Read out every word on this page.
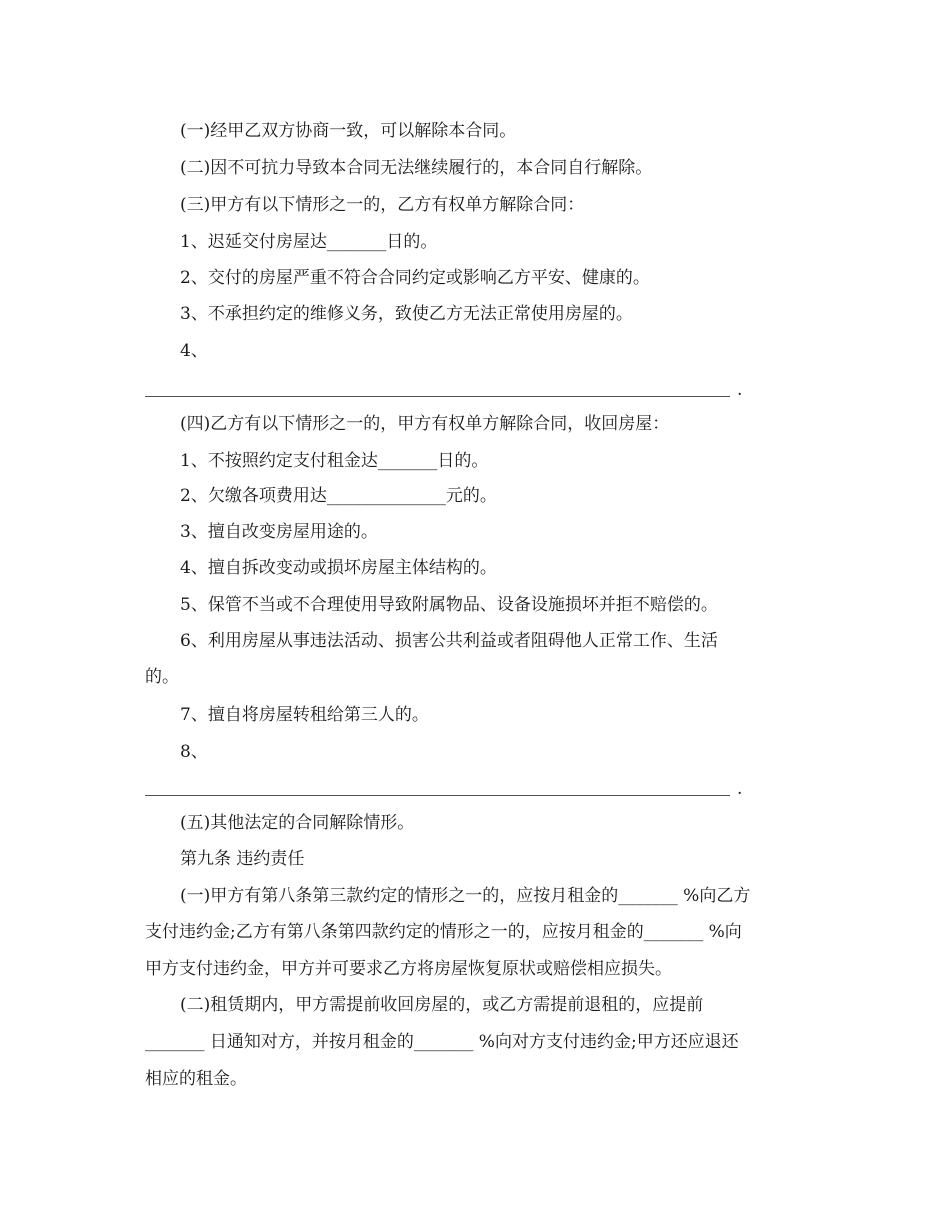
(一)经甲乙双方协商一致，可以解除本合同。
(二)因不可抗力导致本合同无法继续履行的，本合同自行解除。
(三)甲方有以下情形之一的，乙方有权单方解除合同：
1、迟延交付房屋达_______日的。
2、交付的房屋严重不符合合同约定或影响乙方平安、健康的。
3、不承担约定的维修义务，致使乙方无法正常使用房屋的。
4、
.
(四)乙方有以下情形之一的，甲方有权单方解除合同，收回房屋：
1、不按照约定支付租金达_______日的。
2、欠缴各项费用达______________元的。
3、擅自改变房屋用途的。
4、擅自拆改变动或损坏房屋主体结构的。
5、保管不当或不合理使用导致附属物品、设备设施损坏并拒不赔偿的。
6、利用房屋从事违法活动、损害公共利益或者阻碍他人正常工作、生活
的。
7、擅自将房屋转租给第三人的。
8、
.
(五)其他法定的合同解除情形。
第九条 违约责任
(一)甲方有第八条第三款约定的情形之一的，应按月租金的_______ %向乙方
支付违约金;乙方有第八条第四款约定的情形之一的，应按月租金的_______ %向
甲方支付违约金，甲方并可要求乙方将房屋恢复原状或赔偿相应损失。
(二)租赁期内，甲方需提前收回房屋的，或乙方需提前退租的，应提前
_______ 日通知对方，并按月租金的_______ %向对方支付违约金;甲方还应退还
相应的租金。
